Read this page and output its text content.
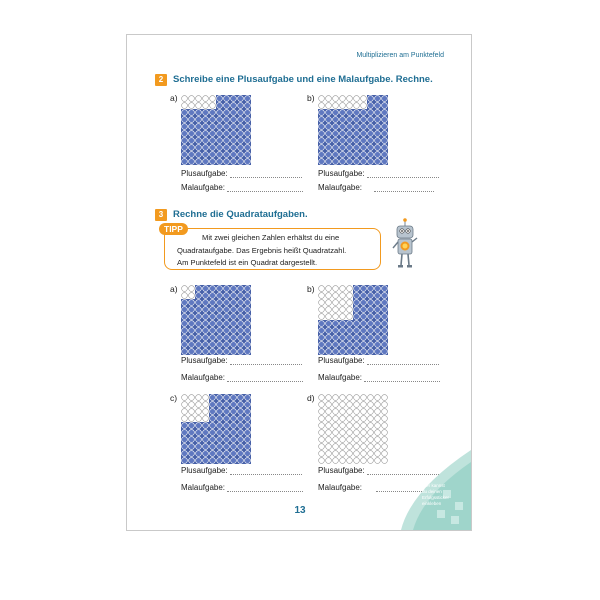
Multiplizieren am Punktefeld
2	Schreibe eine Plusaufgabe und eine Malaufgabe. Rechne.
a)	b)
Plusaufgabe:	Plusaufgabe:
Malaufgabe:	Malaufgabe:
3	Rechne die Quadrataufgaben.
TIPP
Mit zwei gleichen Zahlen erhältst du eine
Quadrataufgabe. Das Ergebnis heißt Quadratzahl.
Am Punktefeld ist ein Quadrat dargestellt.
a)	b)
Plusaufgabe:	Plusaufgabe:
Malaufgabe:	Malaufgabe:
c)	d)
Plusaufgabe:	Plusaufgabe:
Malaufgabe:	Malaufgabe:
13
Hier kannst
du deinen
Erfolgssticker
einkleben
